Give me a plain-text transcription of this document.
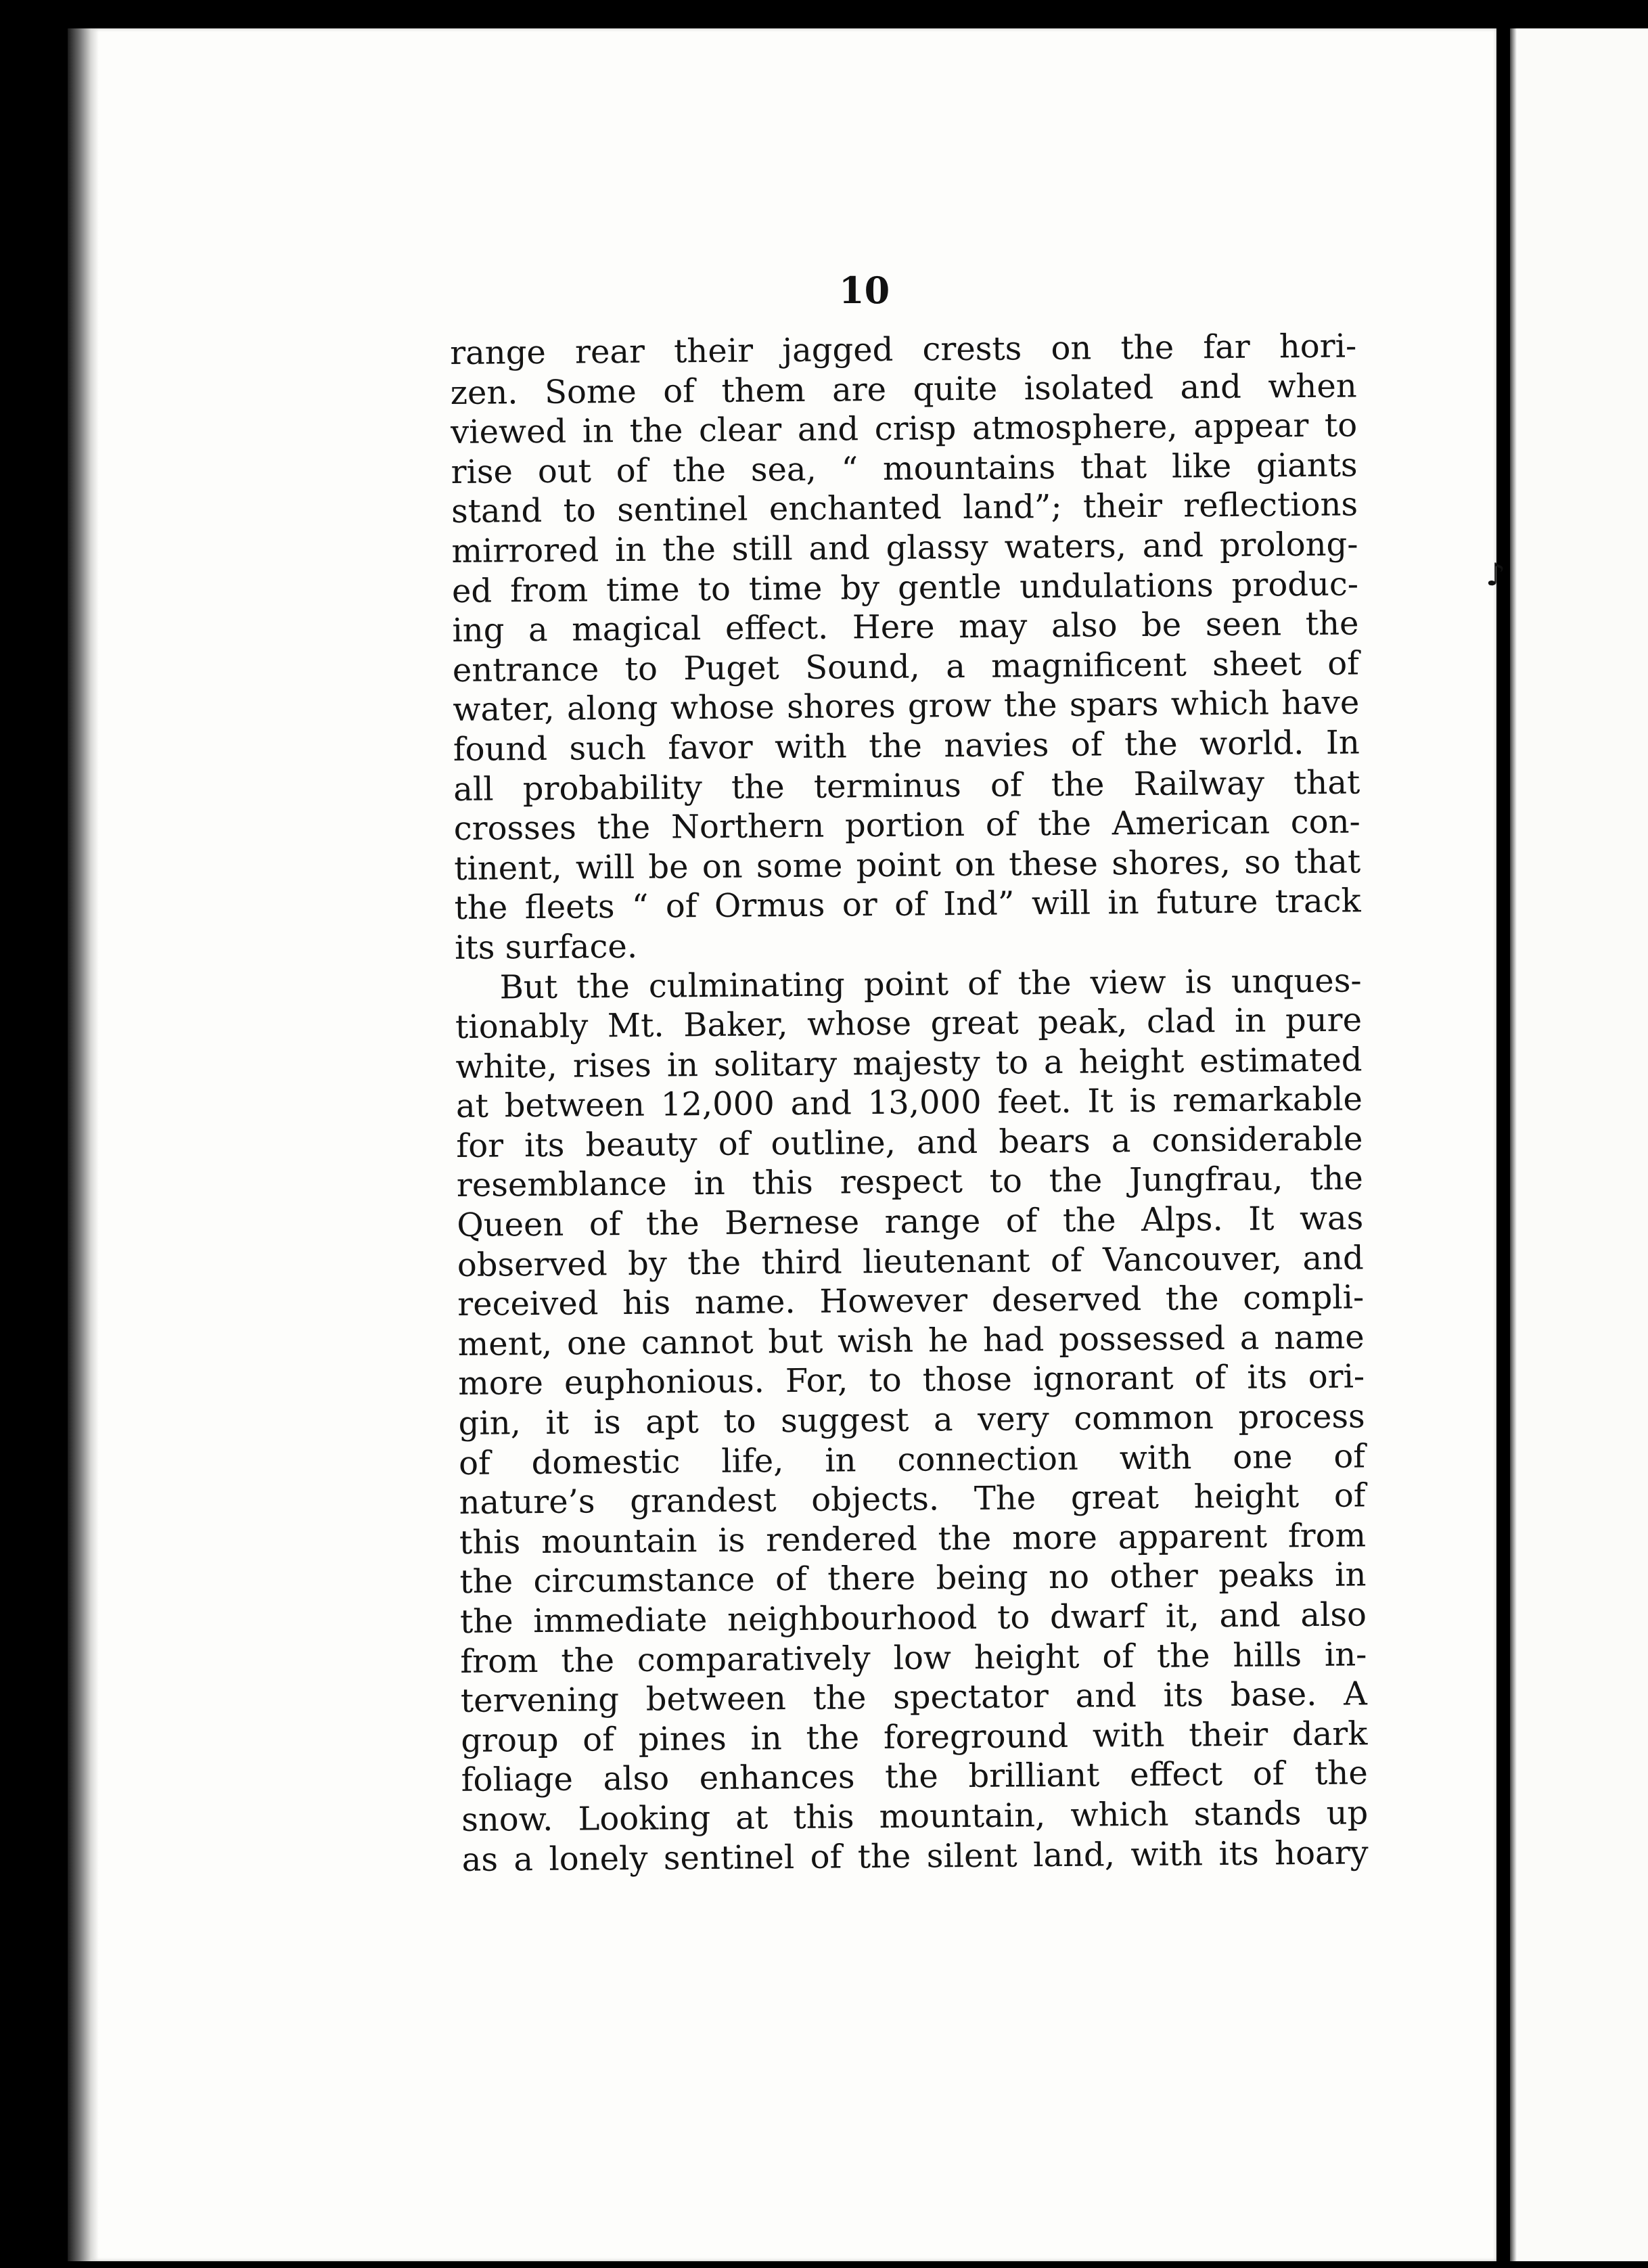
♪
10
range rear their jagged crests on the far hori-
zen. Some of them are quite isolated and when
viewed in the clear and crisp atmosphere, appear to
rise out of the sea, “ mountains that like giants
stand to sentinel enchanted land”; their reflections
mirrored in the still and glassy waters, and prolong-
ed from time to time by gentle undulations produc-
ing a magical effect. Here may also be seen the
entrance to Puget Sound, a magnificent sheet of
water, along whose shores grow the spars which have
found such favor with the navies of the world. In
all probability the terminus of the Railway that
crosses the Northern portion of the American con-
tinent, will be on some point on these shores, so that
the fleets “ of Ormus or of Ind” will in future track
its surface.
But the culminating point of the view is unques-
tionably Mt. Baker, whose great peak, clad in pure
white, rises in solitary majesty to a height estimated
at between 12,000 and 13,000 feet. It is remarkable
for its beauty of outline, and bears a considerable
resemblance in this respect to the Jungfrau, the
Queen of the Bernese range of the Alps. It was
observed by the third lieutenant of Vancouver, and
received his name. However deserved the compli-
ment, one cannot but wish he had possessed a name
more euphonious. For, to those ignorant of its ori-
gin, it is apt to suggest a very common process
of domestic life, in connection with one of
nature’s grandest objects. The great height of
this mountain is rendered the more apparent from
the circumstance of there being no other peaks in
the immediate neighbourhood to dwarf it, and also
from the comparatively low height of the hills in-
tervening between the spectator and its base. A
group of pines in the foreground with their dark
foliage also enhances the brilliant effect of the
snow. Looking at this mountain, which stands up
as a lonely sentinel of the silent land, with its hoary
